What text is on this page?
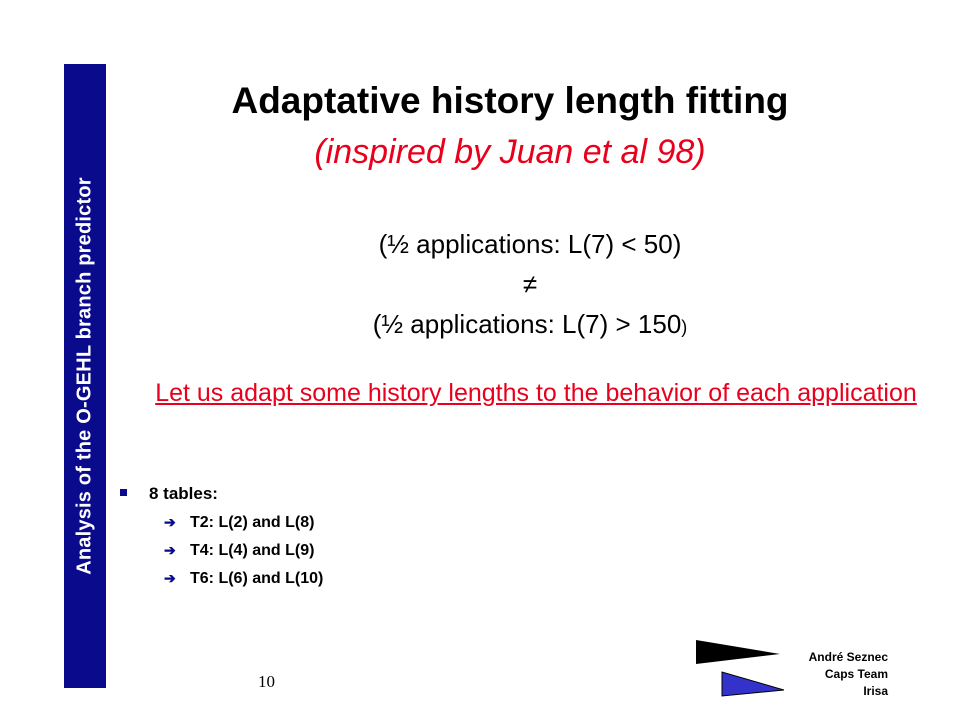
Analysis of the O-GEHL branch predictor
Adaptative history length fitting
(inspired by Juan et al 98)
(½ applications: L(7) < 50)
≠
(½ applications: L(7) > 150)
Let us adapt some history lengths to the behavior of each application
8 tables:
➔ T2: L(2) and L(8)
➔ T4: L(4) and L(9)
➔ T6: L(6) and L(10)
10
André Seznec
Caps Team
Irisa
